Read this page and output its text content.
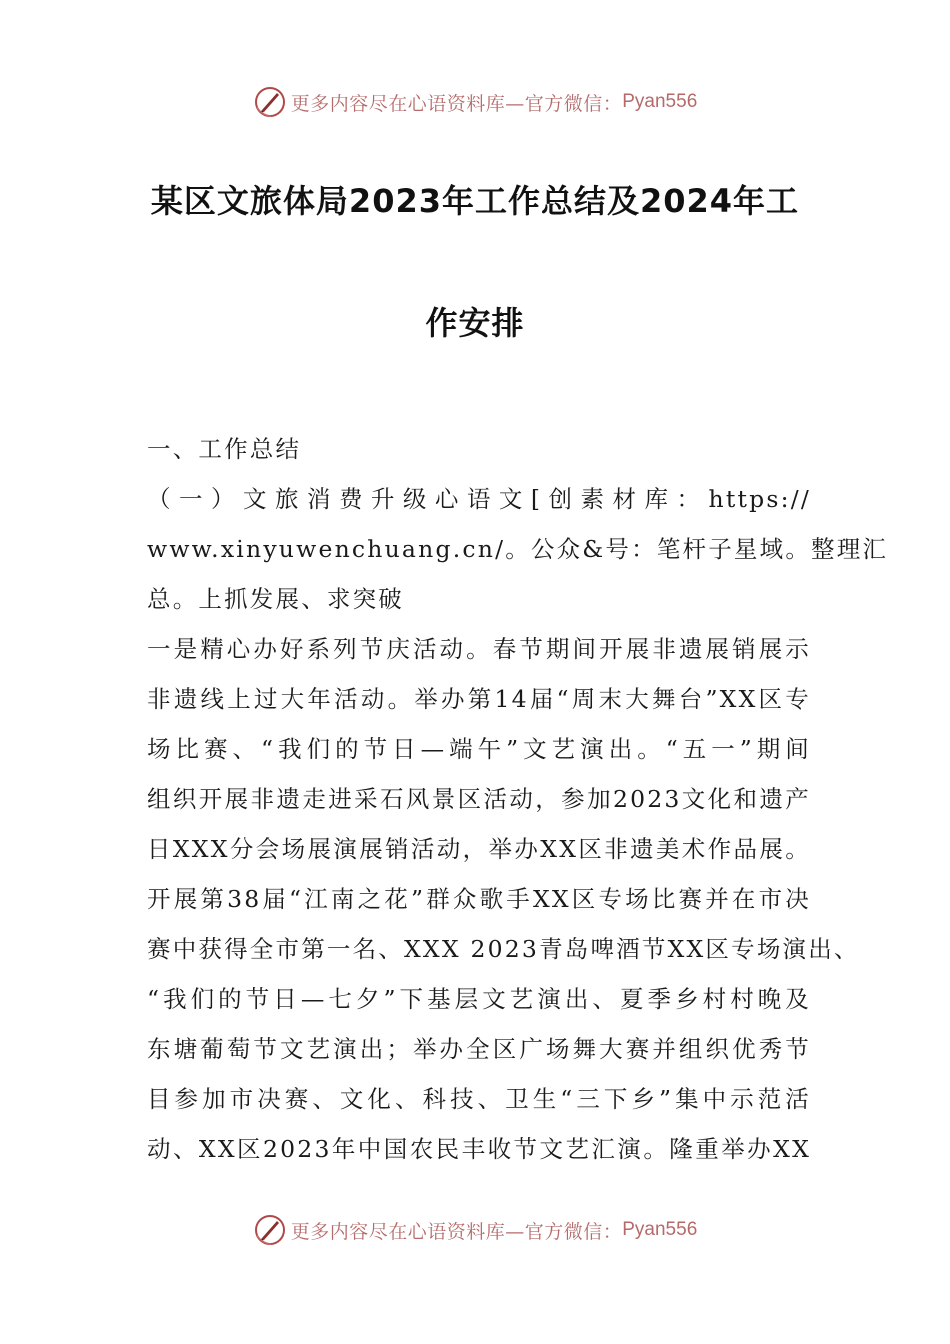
更多内容尽在心语资料库—官方微信： Pyan556
某区文旅体局2023年工作总结及2024年工
作安排
一、工作总结
（一）文旅消费升级心语文[创素材库：https://
www.xinyuwenchuang.cn/。公众&号：笔杆子星域。整理汇
总。上抓发展、求突破
一是精心办好系列节庆活动。春节期间开展非遗展销展示
非遗线上过大年活动。举办第14届“周末大舞台”XX区专
场比赛、“我们的节日—端午”文艺演出。“五一”期间
组织开展非遗走进采石风景区活动，参加2023文化和遗产
日XXX分会场展演展销活动，举办XX区非遗美术作品展。
开展第38届“江南之花”群众歌手XX区专场比赛并在市决
赛中获得全市第一名、XXX 2023青岛啤酒节XX区专场演出、
“我们的节日—七夕”下基层文艺演出、夏季乡村村晚及
东塘葡萄节文艺演出；举办全区广场舞大赛并组织优秀节
目参加市决赛、文化、科技、卫生“三下乡”集中示范活
动、XX区2023年中国农民丰收节文艺汇演。隆重举办XX
更多内容尽在心语资料库—官方微信： Pyan556
